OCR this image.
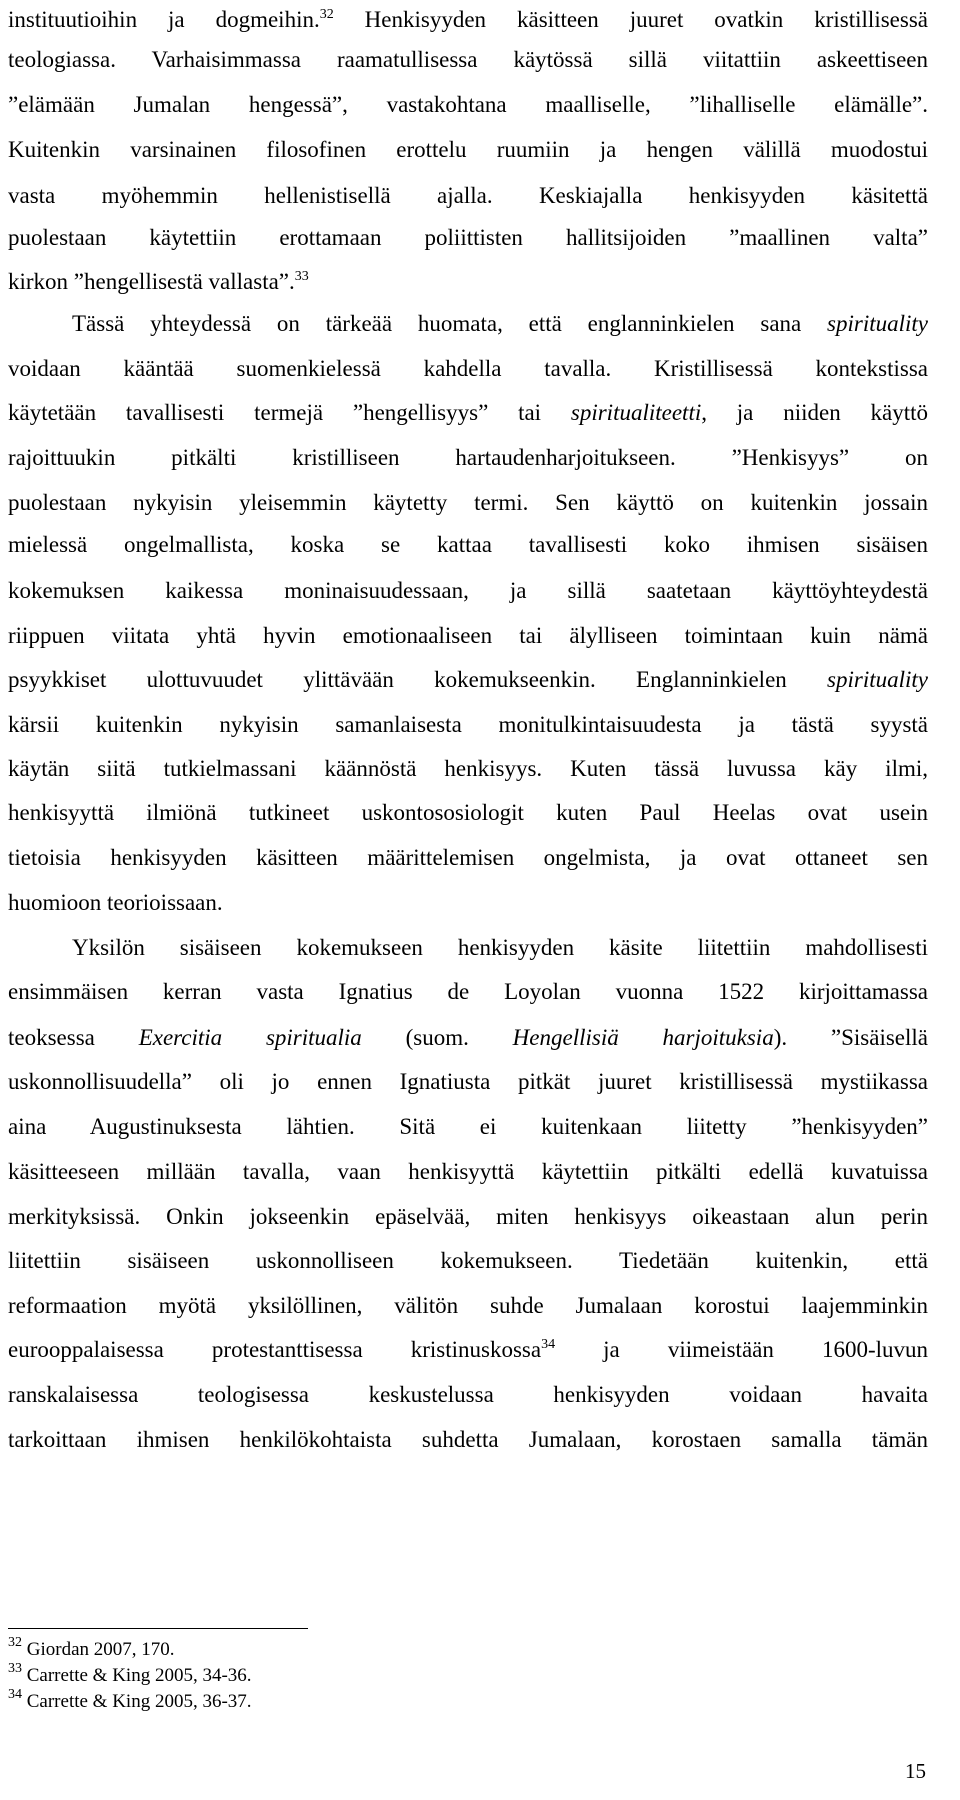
instituutioihin ja dogmeihin.$^{32}$ Henkisyyden käsitteen juuret ovatkin kristillisessä
teologiassa. Varhaisimmassa raamatullisessa käytössä sillä viitattiin askeettiseen
”elämään Jumalan hengessä”, vastakohtana maalliselle, ”lihalliselle elämälle”.
Kuitenkin varsinainen filosofinen erottelu ruumiin ja hengen välillä muodostui
vasta myöhemmin hellenistisellä ajalla. Keskiajalla henkisyyden käsitettä
puolestaan käytettiin erottamaan poliittisten hallitsijoiden ”maallinen valta”
kirkon ”hengellisestä vallasta”.$^{33}$
Tässä yhteydessä on tärkeää huomata, että englanninkielen sana spirituality
voidaan kääntää suomenkielessä kahdella tavalla. Kristillisessä kontekstissa
käytetään tavallisesti termejä ”hengellisyys” tai spiritualiteetti, ja niiden käyttö
rajoittuukin pitkälti kristilliseen hartaudenharjoitukseen. ”Henkisyys” on
puolestaan nykyisin yleisemmin käytetty termi. Sen käyttö on kuitenkin jossain
mielessä ongelmallista, koska se kattaa tavallisesti koko ihmisen sisäisen
kokemuksen kaikessa moninaisuudessaan, ja sillä saatetaan käyttöyhteydestä
riippuen viitata yhtä hyvin emotionaaliseen tai älylliseen toimintaan kuin nämä
psyykkiset ulottuvuudet ylittävään kokemukseenkin. Englanninkielen spirituality
kärsii kuitenkin nykyisin samanlaisesta monitulkintaisuudesta ja tästä syystä
käytän siitä tutkielmassani käännöstä henkisyys. Kuten tässä luvussa käy ilmi,
henkisyyttä ilmiönä tutkineet uskontososiologit kuten Paul Heelas ovat usein
tietoisia henkisyyden käsitteen määrittelemisen ongelmista, ja ovat ottaneet sen
huomioon teorioissaan.
Yksilön sisäiseen kokemukseen henkisyyden käsite liitettiin mahdollisesti
ensimmäisen kerran vasta Ignatius de Loyolan vuonna 1522 kirjoittamassa
teoksessa Exercitia spiritualia (suom. Hengellisiä harjoituksia). ”Sisäisellä
uskonnollisuudella” oli jo ennen Ignatiusta pitkät juuret kristillisessä mystiikassa
aina Augustinuksesta lähtien. Sitä ei kuitenkaan liitetty ”henkisyyden”
käsitteeseen millään tavalla, vaan henkisyyttä käytettiin pitkälti edellä kuvatuissa
merkityksissä. Onkin jokseenkin epäselvää, miten henkisyys oikeastaan alun perin
liitettiin sisäiseen uskonnolliseen kokemukseen. Tiedetään kuitenkin, että
reformaation myötä yksilöllinen, välitön suhde Jumalaan korostui laajemminkin
eurooppalaisessa protestanttisessa kristinuskossa$^{34}$ ja viimeistään 1600-luvun
ranskalaisessa teologisessa keskustelussa henkisyyden voidaan havaita
tarkoittaan ihmisen henkilökohtaista suhdetta Jumalaan, korostaen samalla tämän
$^{32}$ Giordan 2007, 170.
$^{33}$ Carrette & King 2005, 34-36.
$^{34}$ Carrette & King 2005, 36-37.
15
